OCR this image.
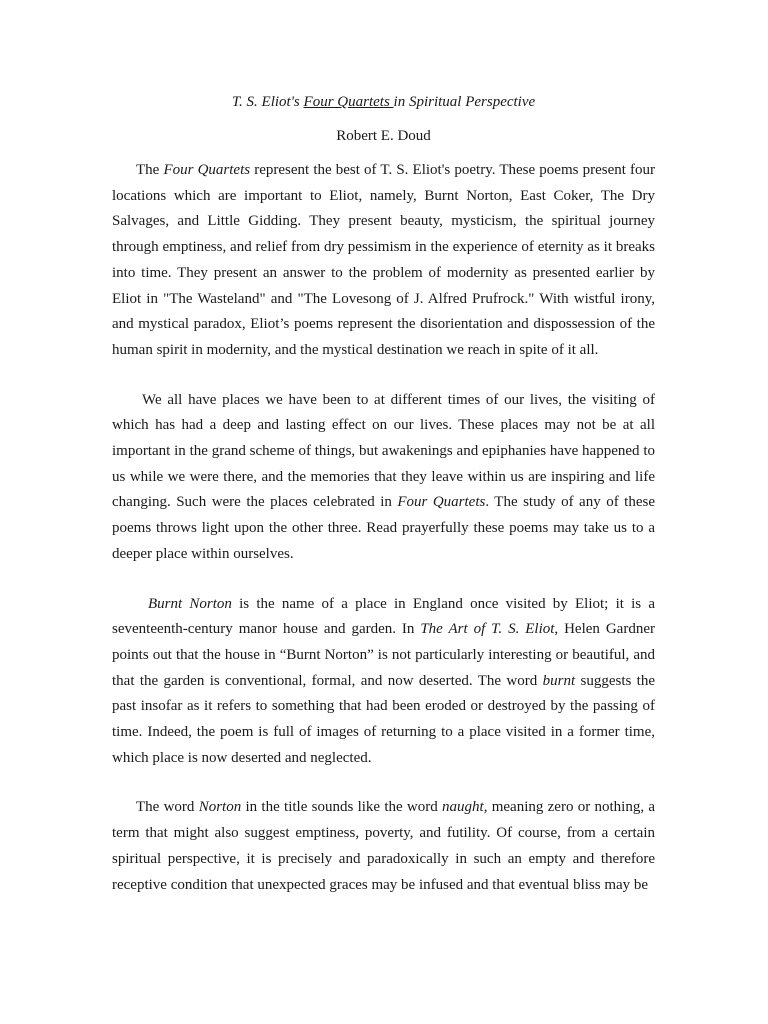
T. S. Eliot's Four Quartets in Spiritual Perspective

Robert E. Doud

The Four Quartets represent the best of T. S. Eliot's poetry. These poems present four locations which are important to Eliot, namely, Burnt Norton, East Coker, The Dry Salvages, and Little Gidding. They present beauty, mysticism, the spiritual journey through emptiness, and relief from dry pessimism in the experience of eternity as it breaks into time. They present an answer to the problem of modernity as presented earlier by Eliot in "The Wasteland" and "The Lovesong of J. Alfred Prufrock." With wistful irony, and mystical paradox, Eliot’s poems represent the disorientation and dispossession of the human spirit in modernity, and the mystical destination we reach in spite of it all.

We all have places we have been to at different times of our lives, the visiting of which has had a deep and lasting effect on our lives. These places may not be at all important in the grand scheme of things, but awakenings and epiphanies have happened to us while we were there, and the memories that they leave within us are inspiring and life changing. Such were the places celebrated in Four Quartets. The study of any of these poems throws light upon the other three. Read prayerfully these poems may take us to a deeper place within ourselves.

Burnt Norton is the name of a place in England once visited by Eliot; it is a seventeenth-century manor house and garden. In The Art of T. S. Eliot, Helen Gardner points out that the house in “Burnt Norton” is not particularly interesting or beautiful, and that the garden is conventional, formal, and now deserted. The word burnt suggests the past insofar as it refers to something that had been eroded or destroyed by the passing of time. Indeed, the poem is full of images of returning to a place visited in a former time, which place is now deserted and neglected.

The word Norton in the title sounds like the word naught, meaning zero or nothing, a term that might also suggest emptiness, poverty, and futility. Of course, from a certain spiritual perspective, it is precisely and paradoxically in such an empty and therefore receptive condition that unexpected graces may be infused and that eventual bliss may be
